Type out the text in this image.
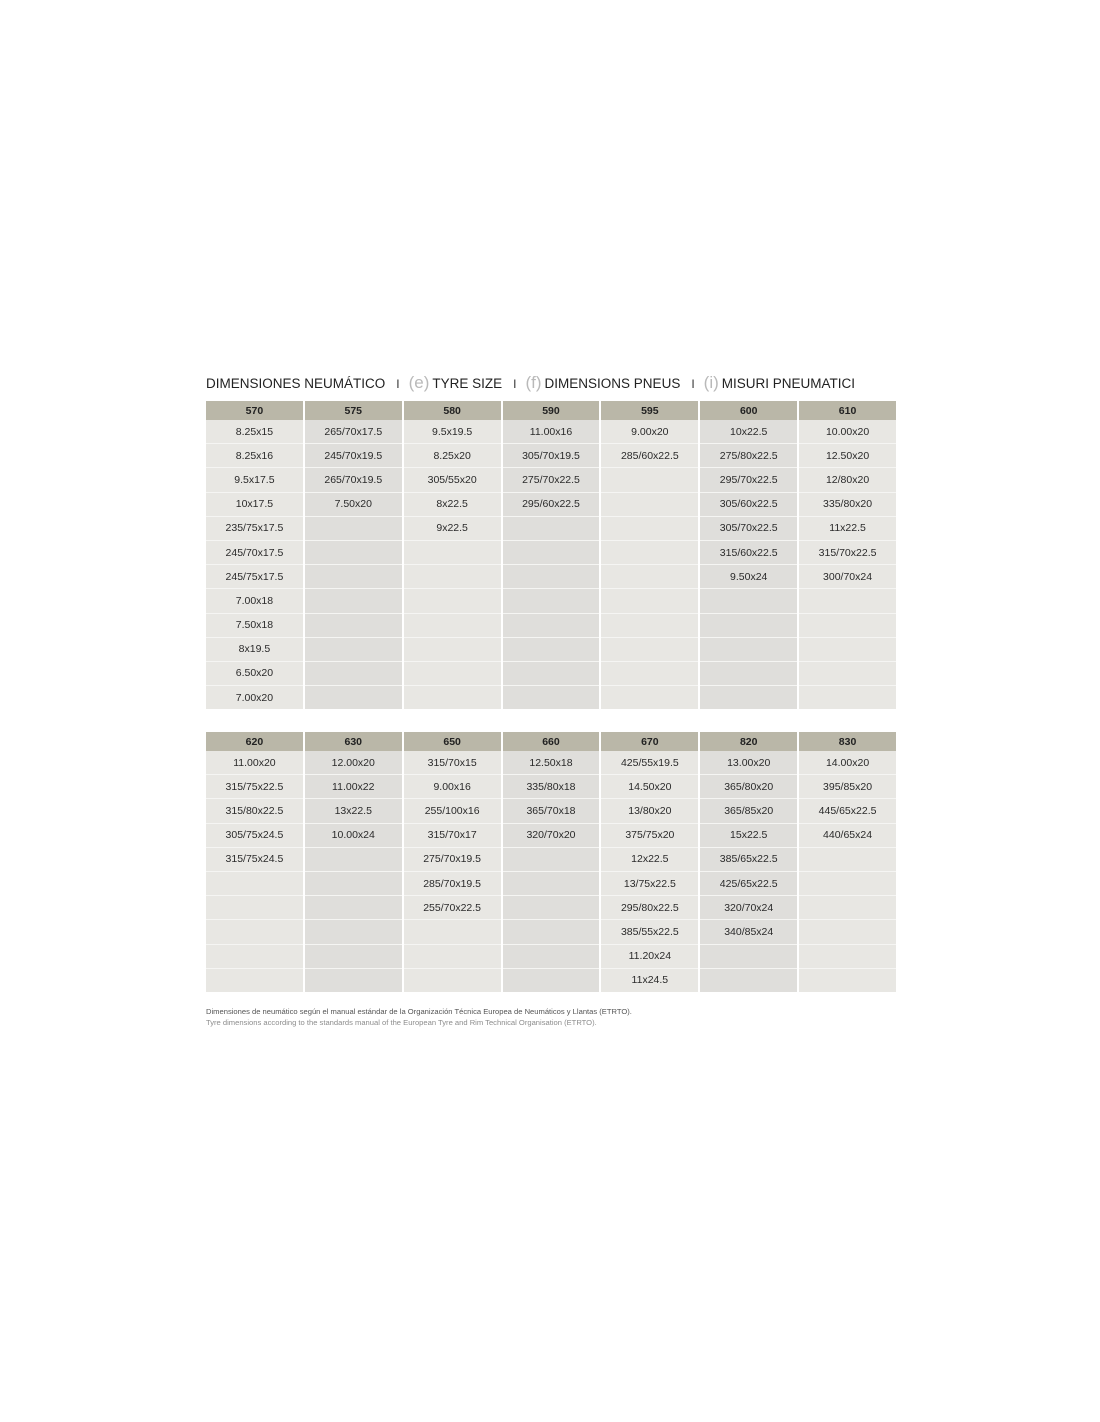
DIMENSIONES NEUMÁTICO I (e) TYRE SIZE I (f) DIMENSIONS PNEUS I (i) MISURI PNEUMATICI
570
8.25x15
8.25x16
9.5x17.5
10x17.5
235/75x17.5
245/70x17.5
245/75x17.5
7.00x18
7.50x18
8x19.5
6.50x20
7.00x20
575
265/70x17.5
245/70x19.5
265/70x19.5
7.50x20
580
9.5x19.5
8.25x20
305/55x20
8x22.5
9x22.5
590
11.00x16
305/70x19.5
275/70x22.5
295/60x22.5
595
9.00x20
285/60x22.5
600
10x22.5
275/80x22.5
295/70x22.5
305/60x22.5
305/70x22.5
315/60x22.5
9.50x24
610
10.00x20
12.50x20
12/80x20
335/80x20
11x22.5
315/70x22.5
300/70x24
620
11.00x20
315/75x22.5
315/80x22.5
305/75x24.5
315/75x24.5
630
12.00x20
11.00x22
13x22.5
10.00x24
650
315/70x15
9.00x16
255/100x16
315/70x17
275/70x19.5
285/70x19.5
255/70x22.5
660
12.50x18
335/80x18
365/70x18
320/70x20
670
425/55x19.5
14.50x20
13/80x20
375/75x20
12x22.5
13/75x22.5
295/80x22.5
385/55x22.5
11.20x24
11x24.5
820
13.00x20
365/80x20
365/85x20
15x22.5
385/65x22.5
425/65x22.5
320/70x24
340/85x24
830
14.00x20
395/85x20
445/65x22.5
440/65x24
Dimensiones de neumático según el manual estándar de la Organización Técnica Europea de Neumáticos y Llantas (ETRTO).
Tyre dimensions according to the standards manual of the European Tyre and Rim Technical Organisation (ETRTO).
